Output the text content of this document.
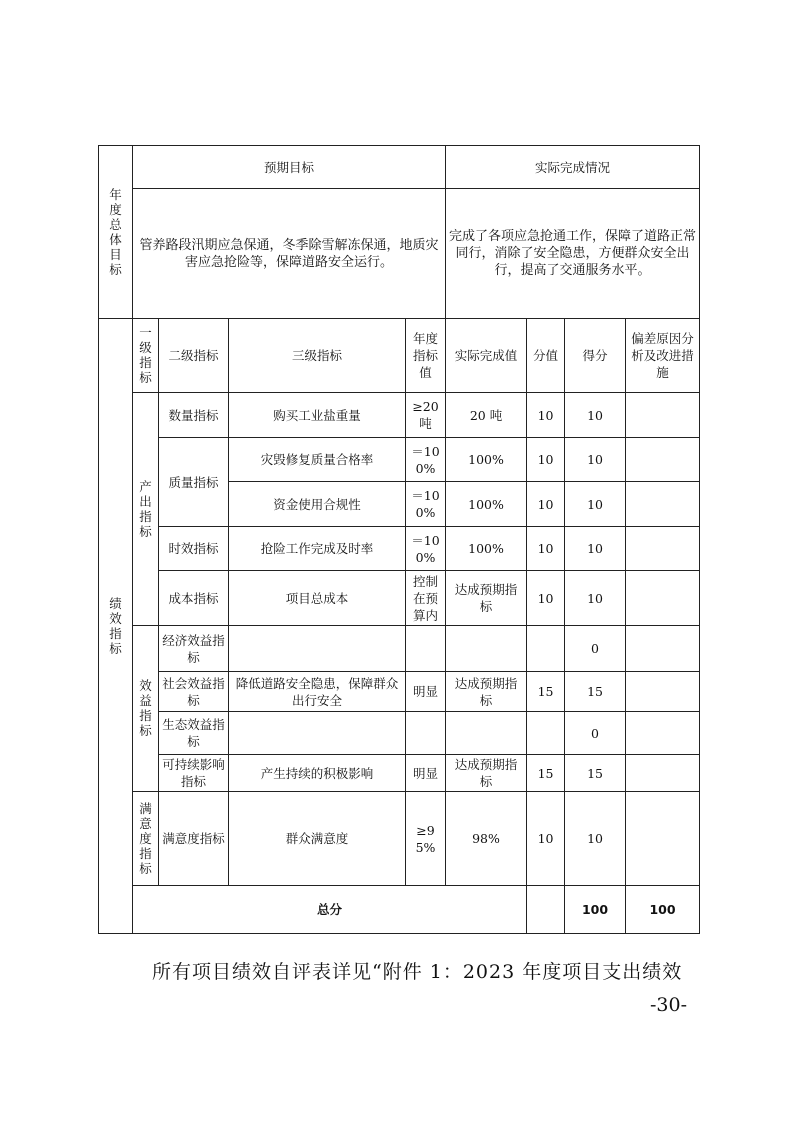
年度总体目标	预期目标				实际完成情况				
	管养路段汛期应急保通，冬季除雪解冻保通，地质灾害应急抢险等，保障道路安全运行。				完成了各项应急抢通工作，保障了道路正常同行，消除了安全隐患，方便群众安全出行，提高了交通服务水平。				
绩效指标	一级指标	二级指标	三级指标	年度指标值	实际完成值	分值	得分	偏差原因分析及改进措施	
	产出指标	数量指标	购买工业盐重量	≥20吨	20 吨	10	10		
		质量指标	灾毁修复质量合格率	＝100%	100%	10	10		
			资金使用合规性	＝100%	100%	10	10		
		时效指标	抢险工作完成及时率	＝100%	100%	10	10		
		成本指标	项目总成本	控制在预算内	达成预期指标	10	10		
	效益指标	经济效益指标					0		
		社会效益指标	降低道路安全隐患，保障群众出行安全	明显	达成预期指标	15	15		
		生态效益指标					0		
		可持续影响指标	产生持续的积极影响	明显	达成预期指标	15	15		
	满意度指标	满意度指标	群众满意度	≥95%	98%	10	10		
	总分						100	100	
所有项目绩效自评表详见“附件 1：2023 年度项目支出绩效
-30-
